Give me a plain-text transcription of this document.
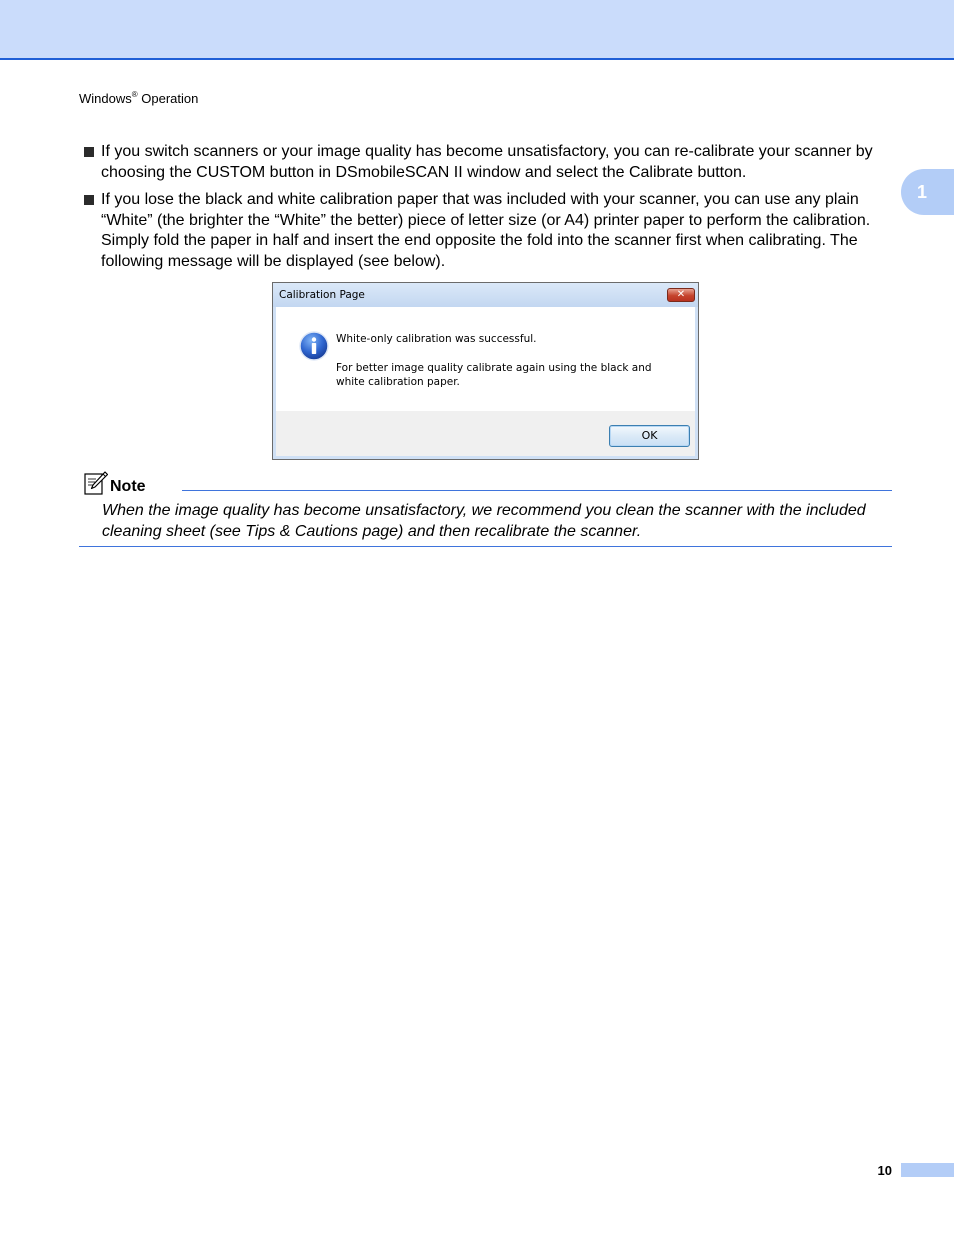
Windows® Operation
1
If you switch scanners or your image quality has become unsatisfactory, you can re-calibrate your scanner by choosing the CUSTOM button in DSmobileSCAN II window and select the Calibrate button.
If you lose the black and white calibration paper that was included with your scanner, you can use any plain “White” (the brighter the “White” the better) piece of letter size (or A4) printer paper to perform the calibration. Simply fold the paper in half and insert the end opposite the fold into the scanner first when calibrating. The following message will be displayed (see below).
Calibration Page	✕
White-only calibration was successful.
For better image quality calibrate again using the black and white calibration paper.
OK
Note
When the image quality has become unsatisfactory, we recommend you clean the scanner with the included cleaning sheet (see Tips & Cautions page) and then recalibrate the scanner.
10
